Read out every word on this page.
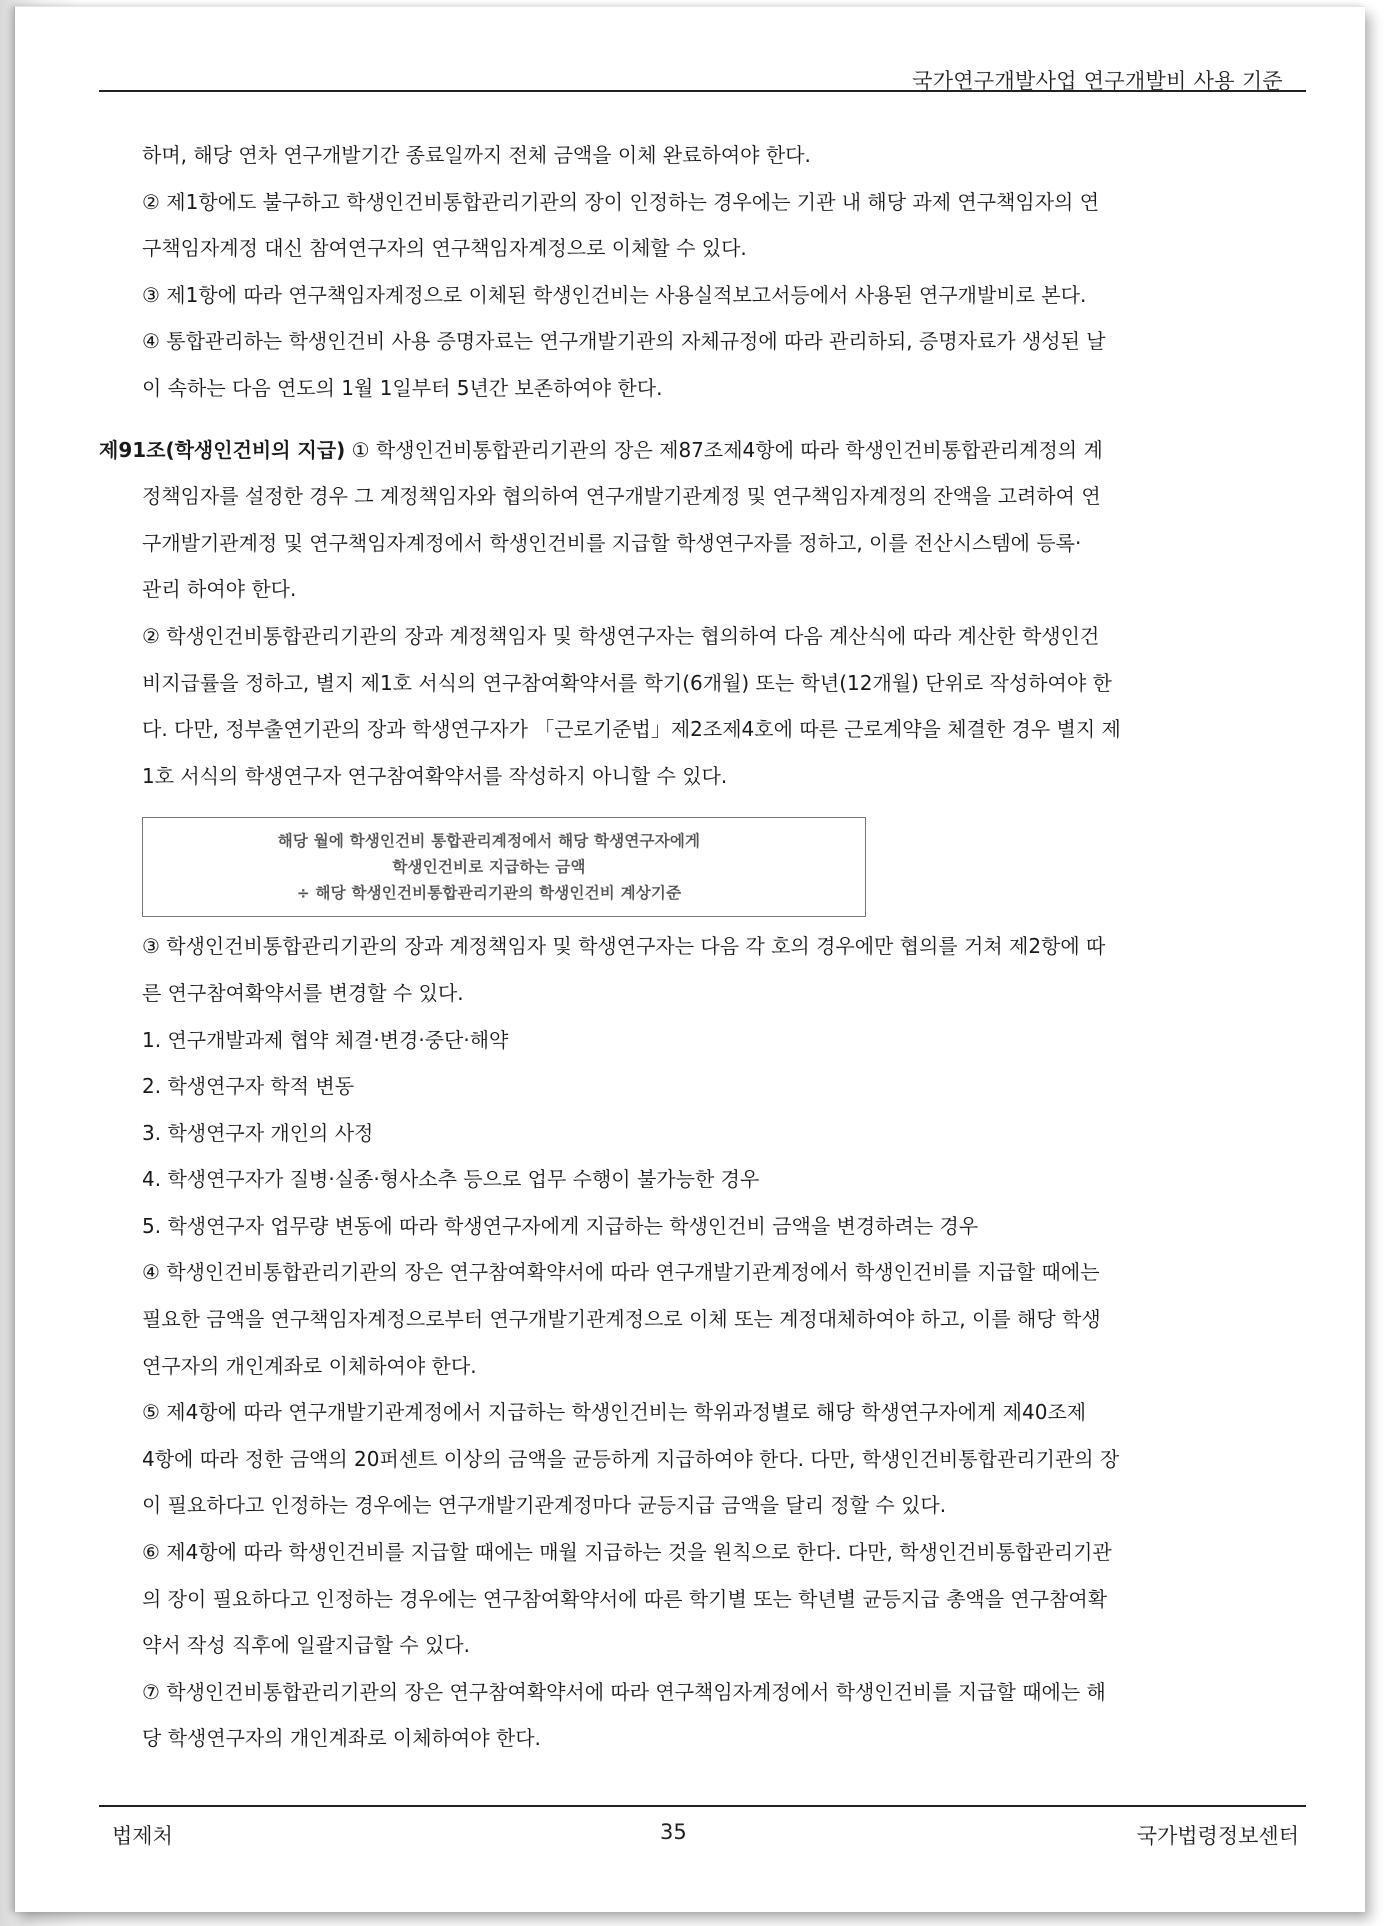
국가연구개발사업 연구개발비 사용 기준
하며, 해당 연차 연구개발기간 종료일까지 전체 금액을 이체 완료하여야 한다.
② 제1항에도 불구하고 학생인건비통합관리기관의 장이 인정하는 경우에는 기관 내 해당 과제 연구책임자의 연
구책임자계정 대신 참여연구자의 연구책임자계정으로 이체할 수 있다.
③ 제1항에 따라 연구책임자계정으로 이체된 학생인건비는 사용실적보고서등에서 사용된 연구개발비로 본다.
④ 통합관리하는 학생인건비 사용 증명자료는 연구개발기관의 자체규정에 따라 관리하되, 증명자료가 생성된 날
이 속하는 다음 연도의 1월 1일부터 5년간 보존하여야 한다.
제91조(학생인건비의 지급) ① 학생인건비통합관리기관의 장은 제87조제4항에 따라 학생인건비통합관리계정의 계
정책임자를 설정한 경우 그 계정책임자와 협의하여 연구개발기관계정 및 연구책임자계정의 잔액을 고려하여 연
구개발기관계정 및 연구책임자계정에서 학생인건비를 지급할 학생연구자를 정하고, 이를 전산시스템에 등록·
관리 하여야 한다.
② 학생인건비통합관리기관의 장과 계정책임자 및 학생연구자는 협의하여 다음 계산식에 따라 계산한 학생인건
비지급률을 정하고, 별지 제1호 서식의 연구참여확약서를 학기(6개월) 또는 학년(12개월) 단위로 작성하여야 한
다. 다만, 정부출연기관의 장과 학생연구자가 「근로기준법」제2조제4호에 따른 근로계약을 체결한 경우 별지 제
1호 서식의 학생연구자 연구참여확약서를 작성하지 아니할 수 있다.
해당 월에 학생인건비 통합관리계정에서 해당 학생연구자에게
학생인건비로 지급하는 금액
÷ 해당 학생인건비통합관리기관의 학생인건비 계상기준
③ 학생인건비통합관리기관의 장과 계정책임자 및 학생연구자는 다음 각 호의 경우에만 협의를 거쳐 제2항에 따
른 연구참여확약서를 변경할 수 있다.
1. 연구개발과제 협약 체결·변경·중단·해약
2. 학생연구자 학적 변동
3. 학생연구자 개인의 사정
4. 학생연구자가 질병·실종·형사소추 등으로 업무 수행이 불가능한 경우
5. 학생연구자 업무량 변동에 따라 학생연구자에게 지급하는 학생인건비 금액을 변경하려는 경우
④ 학생인건비통합관리기관의 장은 연구참여확약서에 따라 연구개발기관계정에서 학생인건비를 지급할 때에는
필요한 금액을 연구책임자계정으로부터 연구개발기관계정으로 이체 또는 계정대체하여야 하고, 이를 해당 학생
연구자의 개인계좌로 이체하여야 한다.
⑤ 제4항에 따라 연구개발기관계정에서 지급하는 학생인건비는 학위과정별로 해당 학생연구자에게 제40조제
4항에 따라 정한 금액의 20퍼센트 이상의 금액을 균등하게 지급하여야 한다. 다만, 학생인건비통합관리기관의 장
이 필요하다고 인정하는 경우에는 연구개발기관계정마다 균등지급 금액을 달리 정할 수 있다.
⑥ 제4항에 따라 학생인건비를 지급할 때에는 매월 지급하는 것을 원칙으로 한다. 다만, 학생인건비통합관리기관
의 장이 필요하다고 인정하는 경우에는 연구참여확약서에 따른 학기별 또는 학년별 균등지급 총액을 연구참여확
약서 작성 직후에 일괄지급할 수 있다.
⑦ 학생인건비통합관리기관의 장은 연구참여확약서에 따라 연구책임자계정에서 학생인건비를 지급할 때에는 해
당 학생연구자의 개인계좌로 이체하여야 한다.
법제처	35	국가법령정보센터
